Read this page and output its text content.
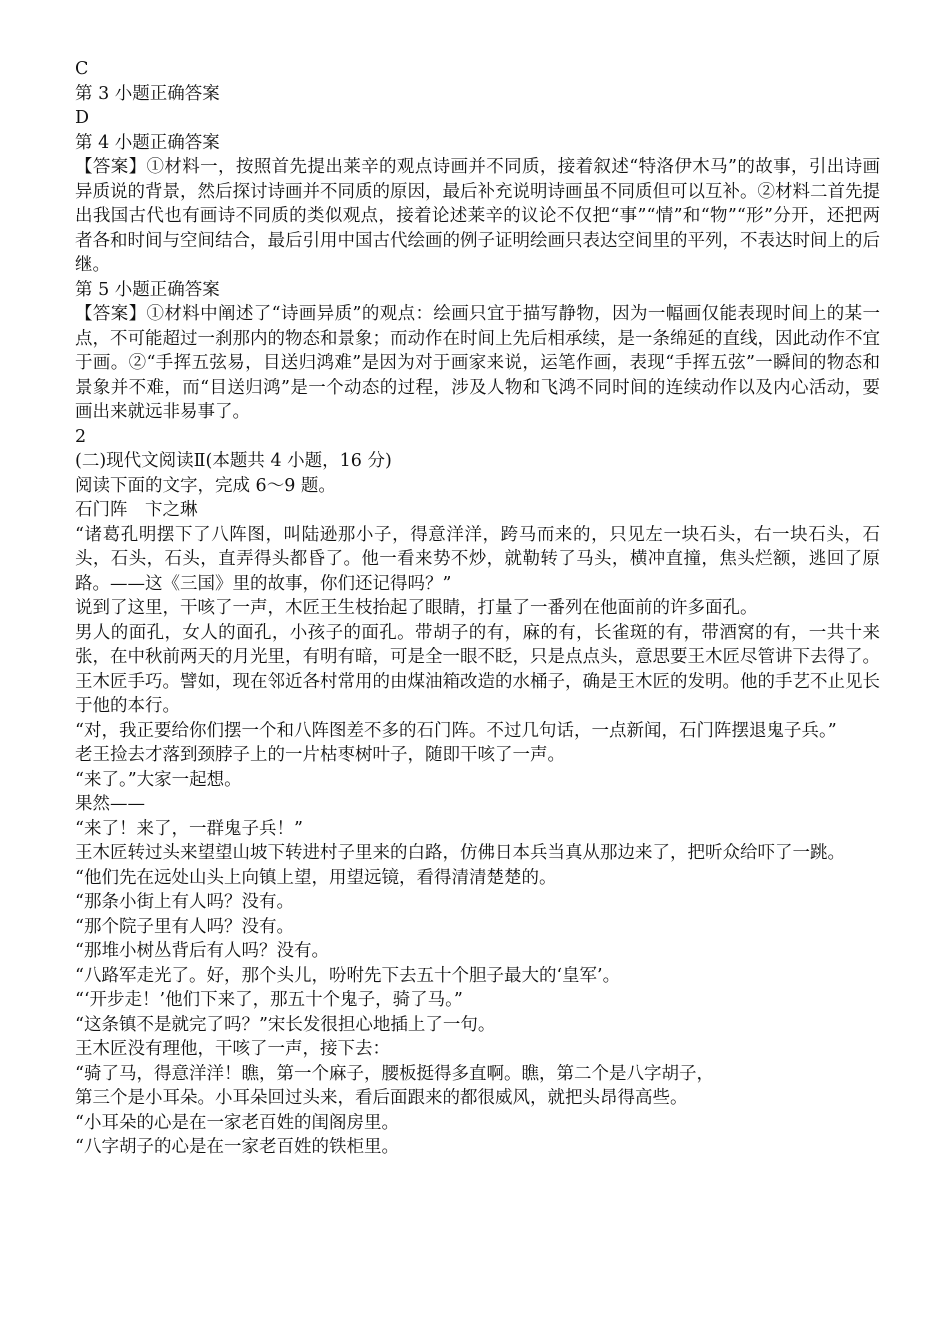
C

第 3 小题正确答案

D

第 4 小题正确答案

【答案】①材料一，按照首先提出莱辛的观点诗画并不同质，接着叙述“特洛伊木马”的故事，引出诗画异质说的背景，然后探讨诗画并不同质的原因，最后补充说明诗画虽不同质但可以互补。②材料二首先提出我国古代也有画诗不同质的类似观点，接着论述莱辛的议论不仅把“事”“情”和“物”“形”分开，还把两者各和时间与空间结合，最后引用中国古代绘画的例子证明绘画只表达空间里的平列，不表达时间上的后继。

第 5 小题正确答案

【答案】①材料中阐述了“诗画异质”的观点：绘画只宜于描写静物，因为一幅画仅能表现时间上的某一点，不可能超过一刹那内的物态和景象；而动作在时间上先后相承续，是一条绵延的直线，因此动作不宜于画。②“手挥五弦易，目送归鸿难”是因为对于画家来说，运笔作画，表现“手挥五弦”一瞬间的物态和景象并不难，而“目送归鸿”是一个动态的过程，涉及人物和飞鸿不同时间的连续动作以及内心活动，要画出来就远非易事了。

2

(二)现代文阅读Ⅱ(本题共 4 小题，16 分)

阅读下面的文字，完成 6～9 题。

石门阵　卞之琳

“诸葛孔明摆下了八阵图，叫陆逊那小子，得意洋洋，跨马而来的，只见左一块石头，右一块石头，石头，石头，石头，直弄得头都昏了。他一看来势不炒，就勒转了马头，横冲直撞，焦头烂额，逃回了原路。——这《三国》里的故事，你们还记得吗？”

说到了这里，干咳了一声，木匠王生枝抬起了眼睛，打量了一番列在他面前的许多面孔。

男人的面孔，女人的面孔，小孩子的面孔。带胡子的有，麻的有，长雀斑的有，带酒窝的有，一共十来张，在中秋前两天的月光里，有明有暗，可是全一眼不眨，只是点点头，意思要王木匠尽管讲下去得了。

王木匠手巧。譬如，现在邻近各村常用的由煤油箱改造的水桶子，确是王木匠的发明。他的手艺不止见长于他的本行。

“对，我正要给你们摆一个和八阵图差不多的石门阵。不过几句话，一点新闻，石门阵摆退鬼子兵。”

老王捡去才落到颈脖子上的一片枯枣树叶子，随即干咳了一声。

“来了。”大家一起想。

果然——

“来了！来了，一群鬼子兵！”

王木匠转过头来望望山坡下转进村子里来的白路，仿佛日本兵当真从那边来了，把听众给吓了一跳。

“他们先在远处山头上向镇上望，用望远镜，看得清清楚楚的。

“那条小街上有人吗？没有。

“那个院子里有人吗？没有。

“那堆小树丛背后有人吗？没有。

“八路军走光了。好，那个头儿，吩咐先下去五十个胆子最大的‘皇军’。

“‘开步走！’他们下来了，那五十个鬼子，骑了马。”

“这条镇不是就完了吗？”宋长发很担心地插上了一句。

王木匠没有理他，干咳了一声，接下去：

“骑了马，得意洋洋！瞧，第一个麻子，腰板挺得多直啊。瞧，第二个是八字胡子，

第三个是小耳朵。小耳朵回过头来，看后面跟来的都很威风，就把头昂得高些。

“小耳朵的心是在一家老百姓的闺阁房里。

“八字胡子的心是在一家老百姓的铁柜里。
